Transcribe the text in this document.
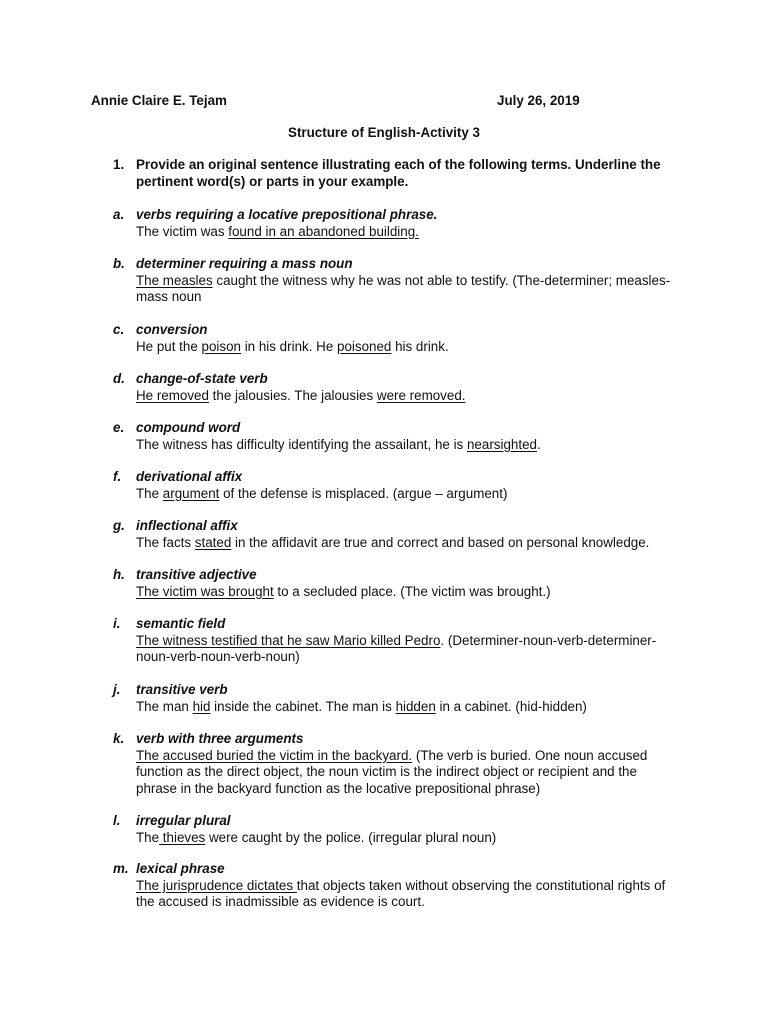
Annie Claire E. Tejam	July 26, 2019
Structure of English-Activity 3
1. Provide an original sentence illustrating each of the following terms. Underline the pertinent word(s) or parts in your example.
a. verbs requiring a locative prepositional phrase.
The victim was found in an abandoned building.
b. determiner requiring a mass noun
The measles caught the witness why he was not able to testify. (The-determiner; measles-mass noun
c. conversion
He put the poison in his drink. He poisoned his drink.
d. change-of-state verb
He removed the jalousies. The jalousies were removed.
e. compound word
The witness has difficulty identifying the assailant, he is nearsighted.
f. derivational affix
The argument of the defense is misplaced. (argue – argument)
g. inflectional affix
The facts stated in the affidavit are true and correct and based on personal knowledge.
h. transitive adjective
The victim was brought to a secluded place. (The victim was brought.)
i. semantic field
The witness testified that he saw Mario killed Pedro. (Determiner-noun-verb-determiner-noun-verb-noun-verb-noun)
j. transitive verb
The man hid inside the cabinet. The man is hidden in a cabinet. (hid-hidden)
k. verb with three arguments
The accused buried the victim in the backyard. (The verb is buried. One noun accused function as the direct object, the noun victim is the indirect object or recipient and the phrase in the backyard function as the locative prepositional phrase)
l. irregular plural
The thieves were caught by the police. (irregular plural noun)
m. lexical phrase
The jurisprudence dictates that objects taken without observing the constitutional rights of the accused is inadmissible as evidence is court.
